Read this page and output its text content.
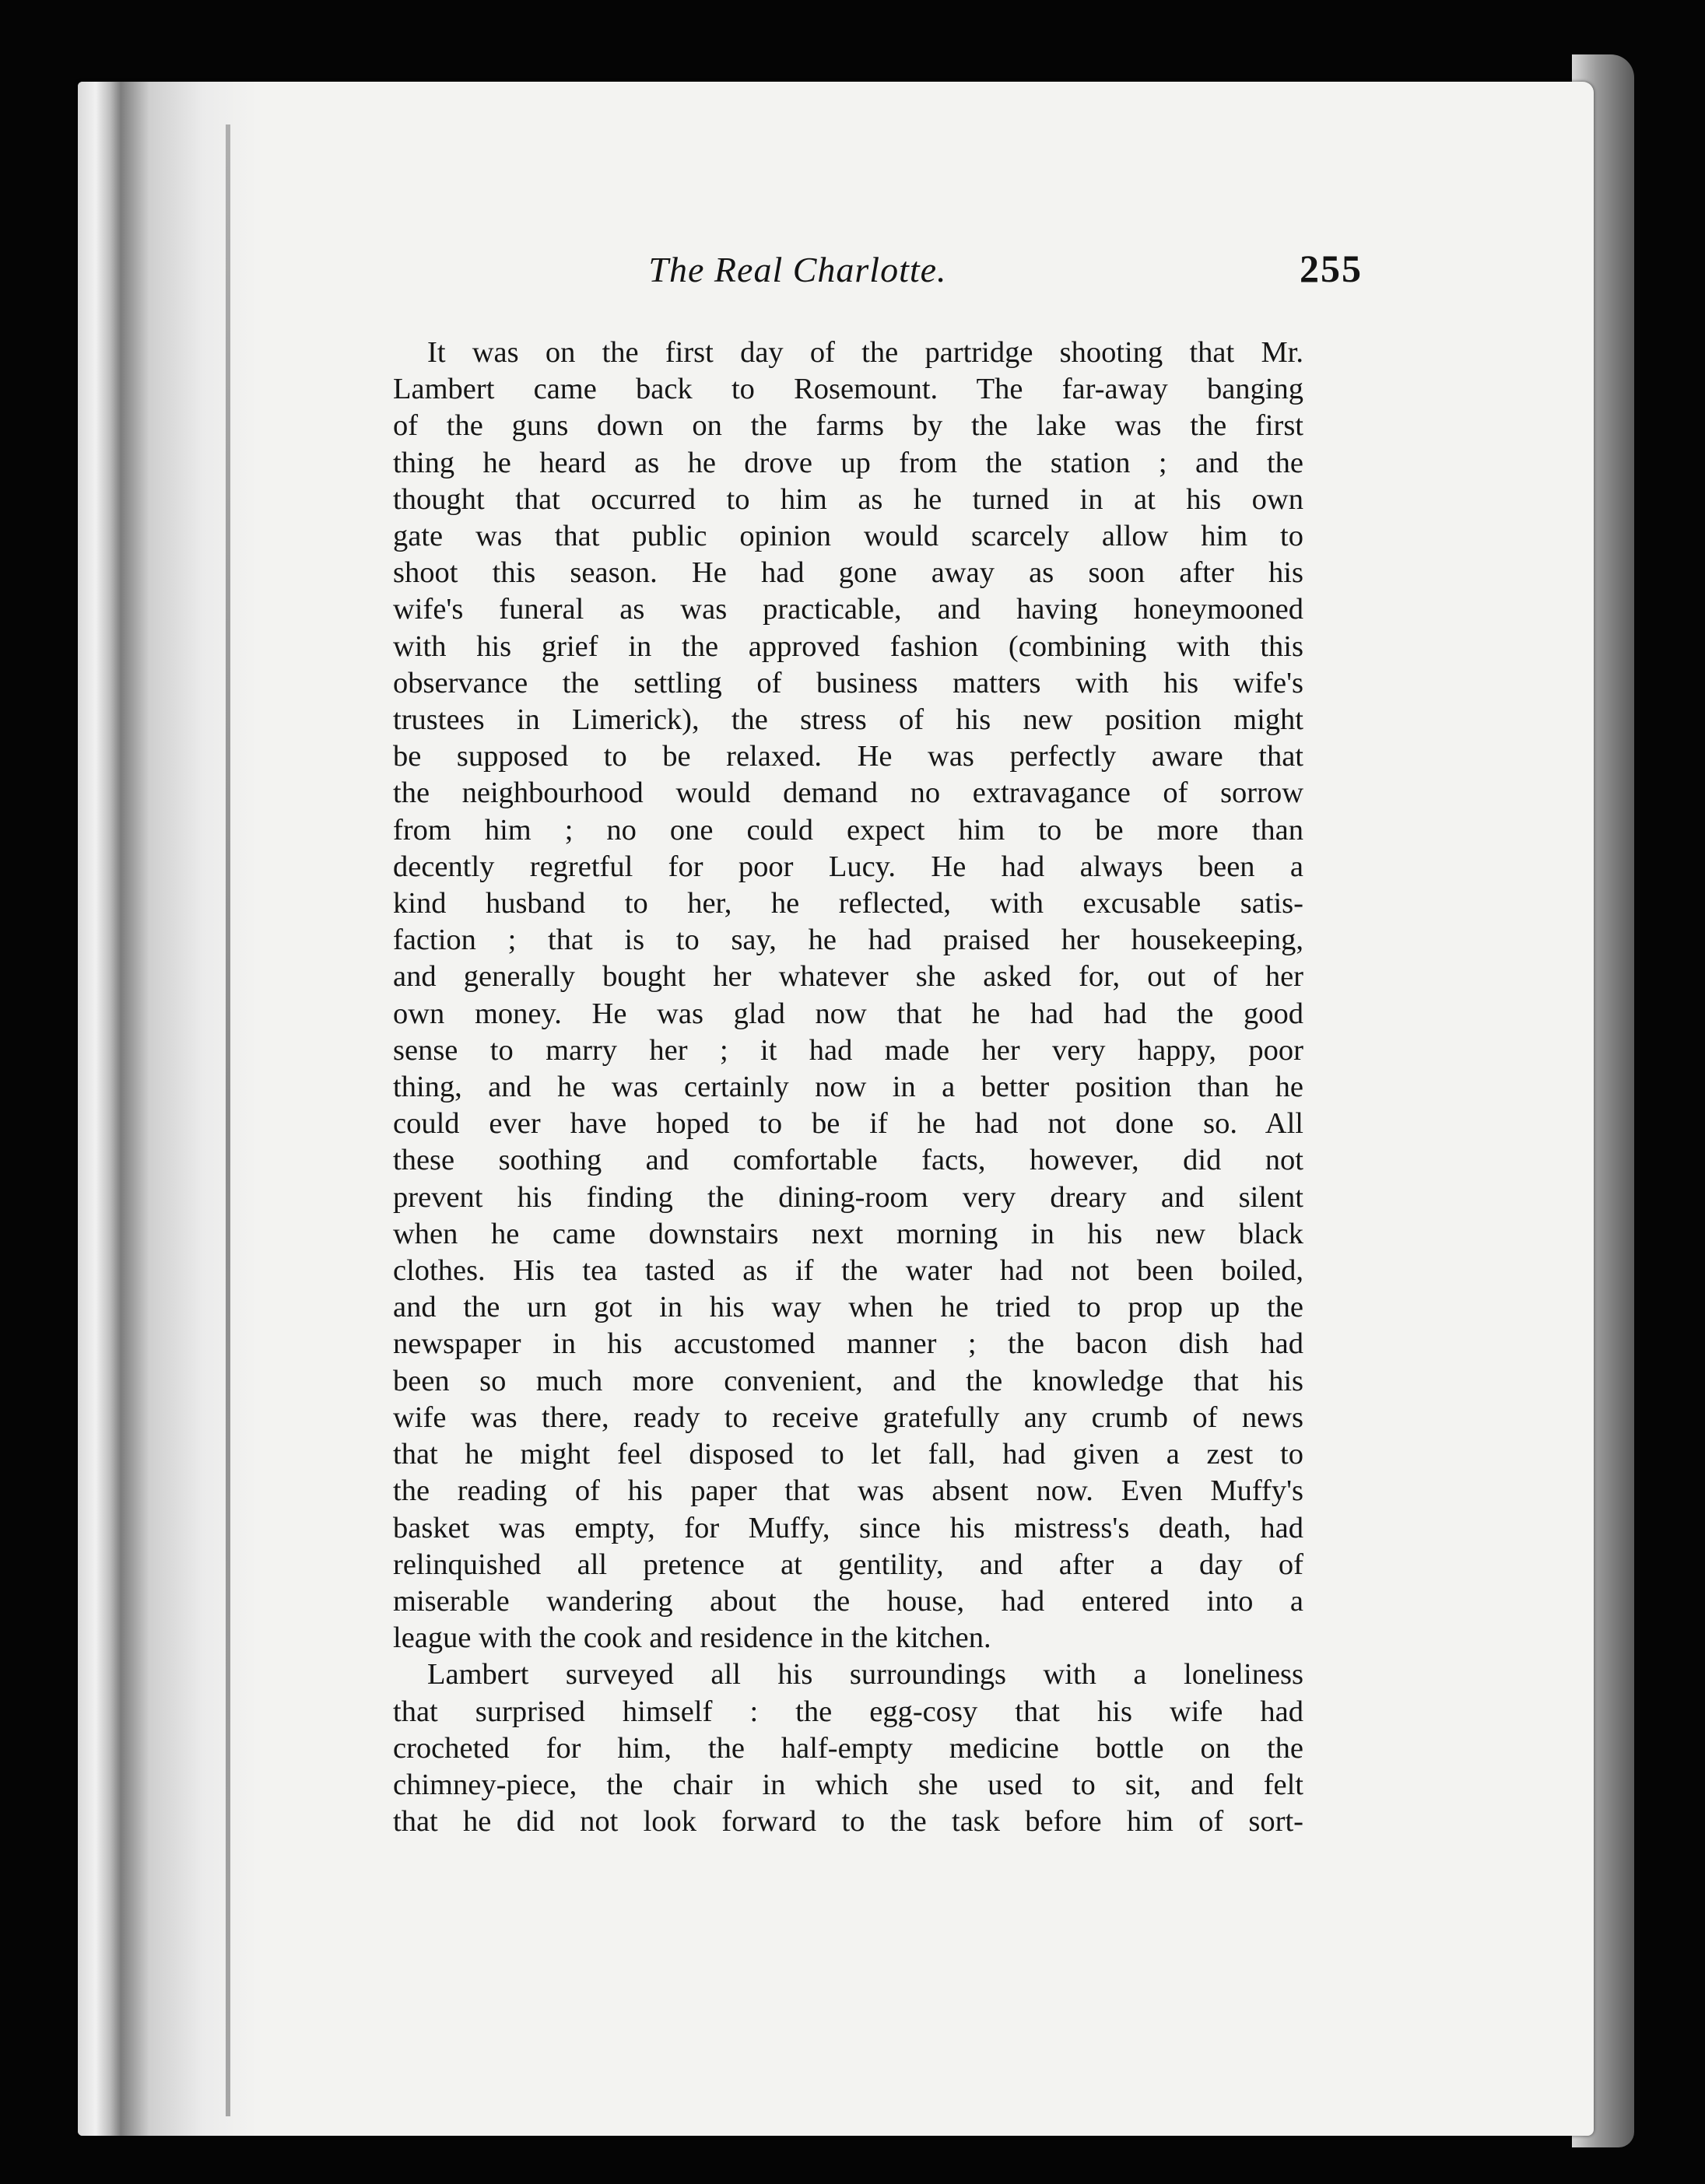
The Real Charlotte.	255
It was on the first day of the partridge shooting that Mr.
Lambert came back to Rosemount. The far-away banging
of the guns down on the farms by the lake was the first
thing he heard as he drove up from the station ; and the
thought that occurred to him as he turned in at his own
gate was that public opinion would scarcely allow him to
shoot this season. He had gone away as soon after his
wife's funeral as was practicable, and having honeymooned
with his grief in the approved fashion (combining with this
observance the settling of business matters with his wife's
trustees in Limerick), the stress of his new position might
be supposed to be relaxed. He was perfectly aware that
the neighbourhood would demand no extravagance of sorrow
from him ; no one could expect him to be more than
decently regretful for poor Lucy. He had always been a
kind husband to her, he reflected, with excusable satis-
faction ; that is to say, he had praised her housekeeping,
and generally bought her whatever she asked for, out of her
own money. He was glad now that he had had the good
sense to marry her ; it had made her very happy, poor
thing, and he was certainly now in a better position than he
could ever have hoped to be if he had not done so. All
these soothing and comfortable facts, however, did not
prevent his finding the dining-room very dreary and silent
when he came downstairs next morning in his new black
clothes. His tea tasted as if the water had not been boiled,
and the urn got in his way when he tried to prop up the
newspaper in his accustomed manner ; the bacon dish had
been so much more convenient, and the knowledge that his
wife was there, ready to receive gratefully any crumb of news
that he might feel disposed to let fall, had given a zest to
the reading of his paper that was absent now. Even Muffy's
basket was empty, for Muffy, since his mistress's death, had
relinquished all pretence at gentility, and after a day of
miserable wandering about the house, had entered into a
league with the cook and residence in the kitchen.
Lambert surveyed all his surroundings with a loneliness
that surprised himself : the egg-cosy that his wife had
crocheted for him, the half-empty medicine bottle on the
chimney-piece, the chair in which she used to sit, and felt
that he did not look forward to the task before him of sort-
